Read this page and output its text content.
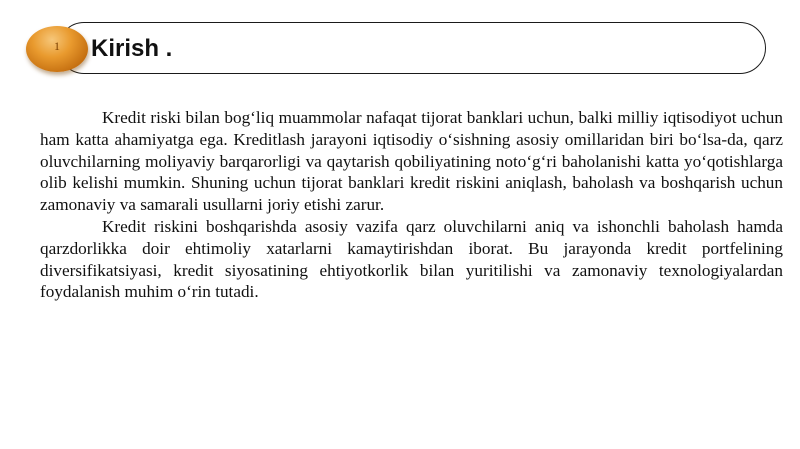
1	Kirish .

Kredit riski bilan bog‘liq muammolar nafaqat tijorat banklari uchun, balki milliy iqtisodiyot uchun ham katta ahamiyatga ega. Kreditlash jarayoni iqtisodiy o‘sishning asosiy omillaridan biri bo‘lsa-da, qarz oluvchilarning moliyaviy barqarorligi va qaytarish qobiliyatining noto‘g‘ri baholanishi katta yo‘qotishlarga olib kelishi mumkin. Shuning uchun tijorat banklari kredit riskini aniqlash, baholash va boshqarish uchun zamonaviy va samarali usullarni joriy etishi zarur.

Kredit riskini boshqarishda asosiy vazifa qarz oluvchilarni aniq va ishonchli baholash hamda qarzdorlikka doir ehtimoliy xatarlarni kamaytirishdan iborat. Bu jarayonda kredit portfelining diversifikatsiyasi, kredit siyosatining ehtiyotkorlik bilan yuritilishi va zamonaviy texnologiyalardan foydalanish muhim o‘rin tutadi.
